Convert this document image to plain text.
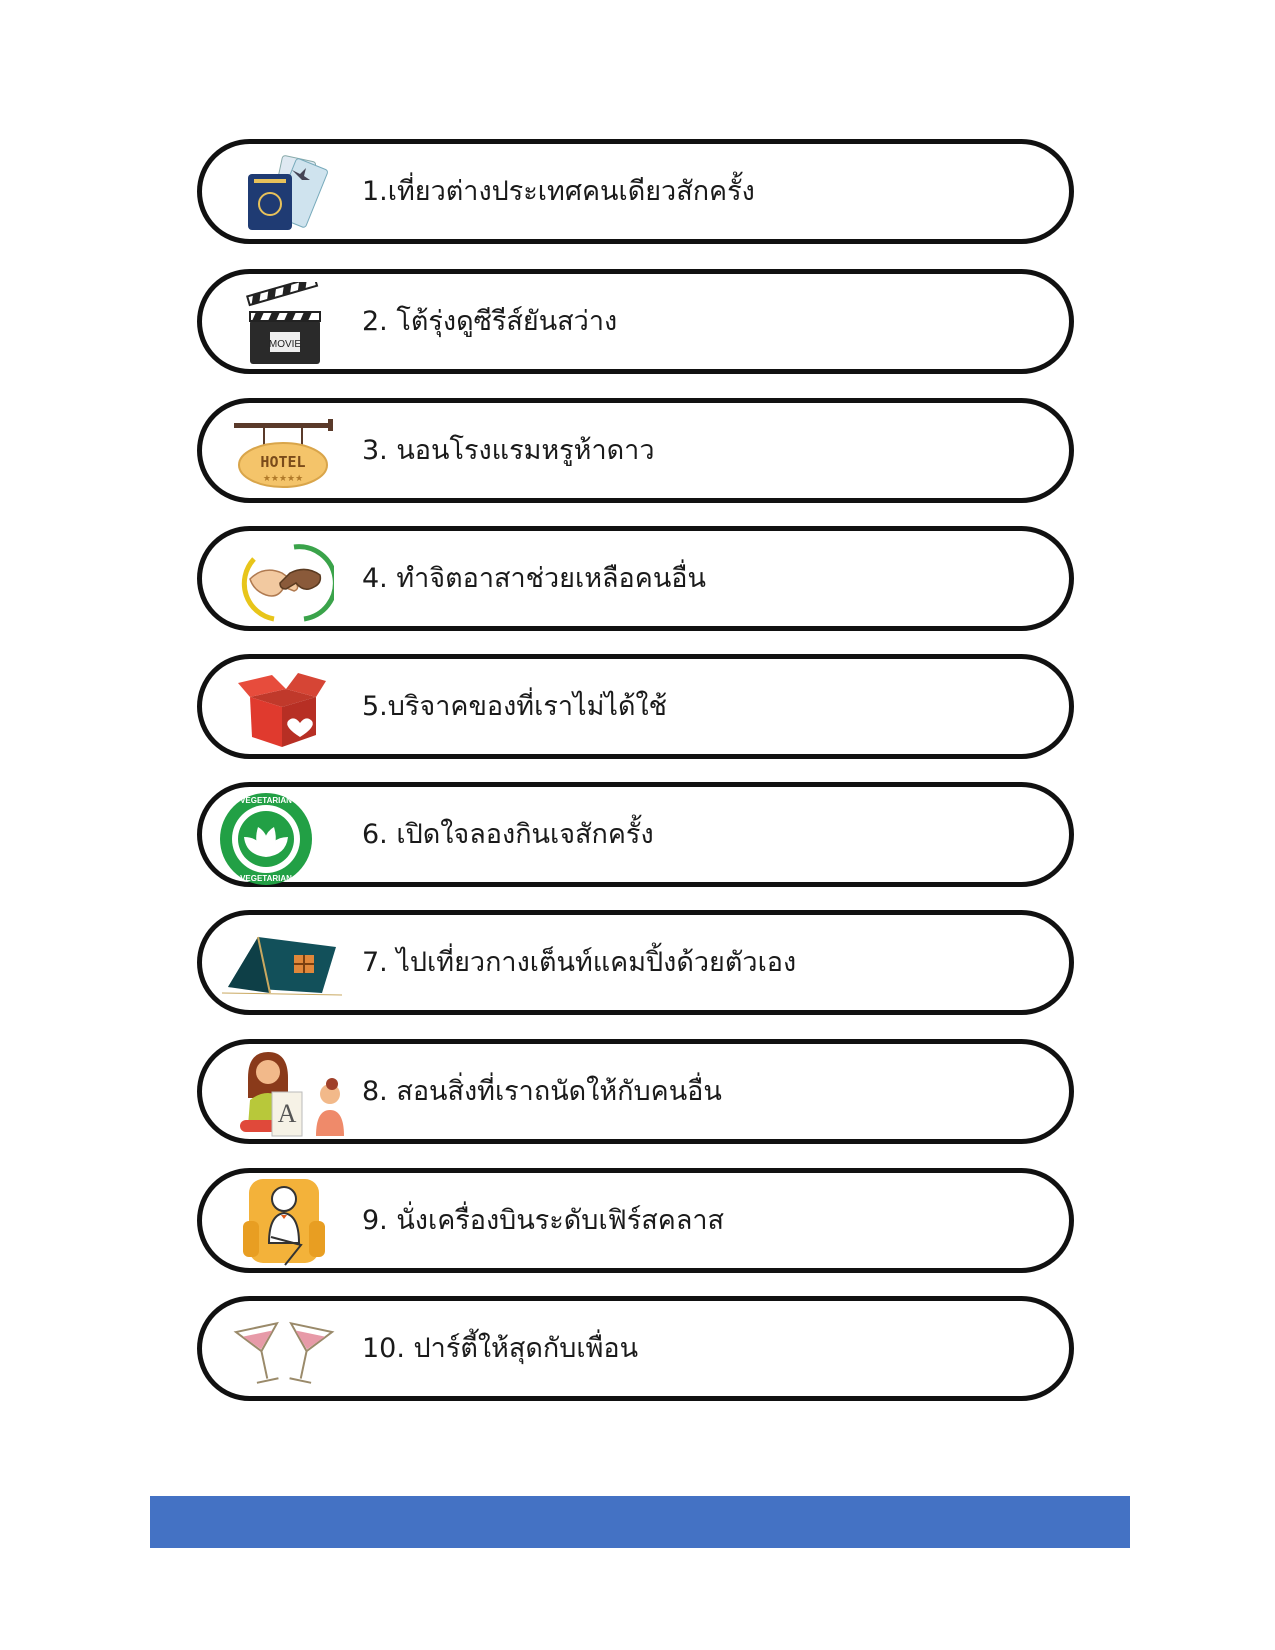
1.เที่ยวต่างประเทศคนเดียวสักครั้ง
MOVIE
2. โต้รุ่งดูซีรีส์ยันสว่าง
HOTEL
★★★★★
3. นอนโรงแรมหรูห้าดาว
4. ทำจิตอาสาช่วยเหลือคนอื่น
5.บริจาคของที่เราไม่ได้ใช้
VEGETARIAN
VEGETARIAN
6. เปิดใจลองกินเจสักครั้ง
7. ไปเที่ยวกางเต็นท์แคมปิ้งด้วยตัวเอง
A
8. สอนสิ่งที่เราถนัดให้กับคนอื่น
9. นั่งเครื่องบินระดับเฟิร์สคลาส
10. ปาร์ตี้ให้สุดกับเพื่อน
